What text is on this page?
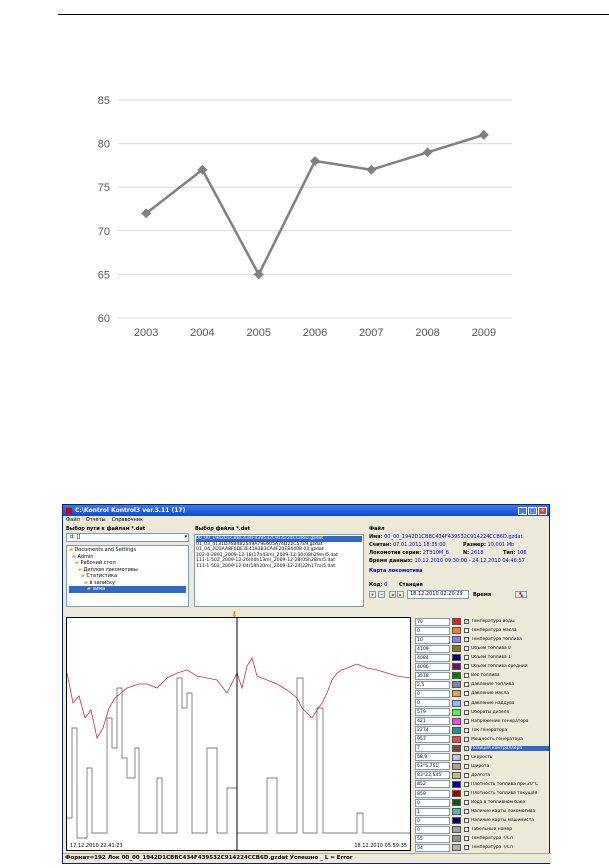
60
65
70
75
80
85
2003	2004	2005	2006	2007	2008	2009
C:\Kontrol Kontrol3 ver.3.11 (17)	_	□	✕
Файл Отчеты Справочник
Выбор пути к файлам *.dat
d: []	▾
▰ Documents and Settings
▰ Admin
▰ Рабочий стол
▰ Диплом локомотивы
▰ Статистика
▰ в записку
▰ зима
Выбор файла *.dat
00_00_1942D1CBBC434F439532C914224CCB6D.gzdat
01_03_4131D76B4B2549A79E605A74D22C57E9.gzdat
01_04_2D3AA8F0DE3E4193B3CA4F20E84408 03.gzdat
102-0-2891_2009-12-18(17h43m)_2009-12-30(08h29m)5.dat
111-1-502_2009-12-26(00h13m)_2009-12-28(05h28m)5.dat
111-1-502_2009-12-04(19h20m)_2009-12-24(22h17m)5.dat
Файл
Имя: 00_00_1942D1CBBC434F439532C914224CCB6D.gzdat
Считан: 07.01.2011 18:35:00	Размер: 10,001 Mb
Локомотив серии: 2ТЭ10М_Б	N: 2618	Тип: 106
Время данных: 10.12.2010 09:30:00 - 24.12.2010 04:46:57
Карта локомотива
Код: 0 Станция
+	−	◂	▸	18.12.2010 02:20:29	Время	▚
⬇
17.12.2010 22:41:23	18.12.2010 05:59:35
70	✓ Температура воды
0	Температура масла
10	Температура топлива
4109	Объем топлива 0
4084	Объем топлива 1
4096	Объем топлива средний
3518	Вес топлива
2,5	Давление топлива
0	Давление масла
0	Давление наддува
579	Обороты дизеля
421	Напряжение генератора
2274	Ток генератора
957	Мощность генератора
7	✓ Позиция контроллера
58,9	Скорость
53°5,751'	Широта
83°22,545'	Долгота
852	Плотность топлива при 20°C
859	Плотность топлива текущая
0	Вода в топливном баке
1	Наличие карты локомотива
0	Наличие карты машиниста
0	Табельный номер
55	Температура Т/Сп
54	Температура Т/Сп
Формат=192 Лок 00_00_1942D1CBBC434F439532C914224CCB6D.gzdat Успешно _ L = Error
